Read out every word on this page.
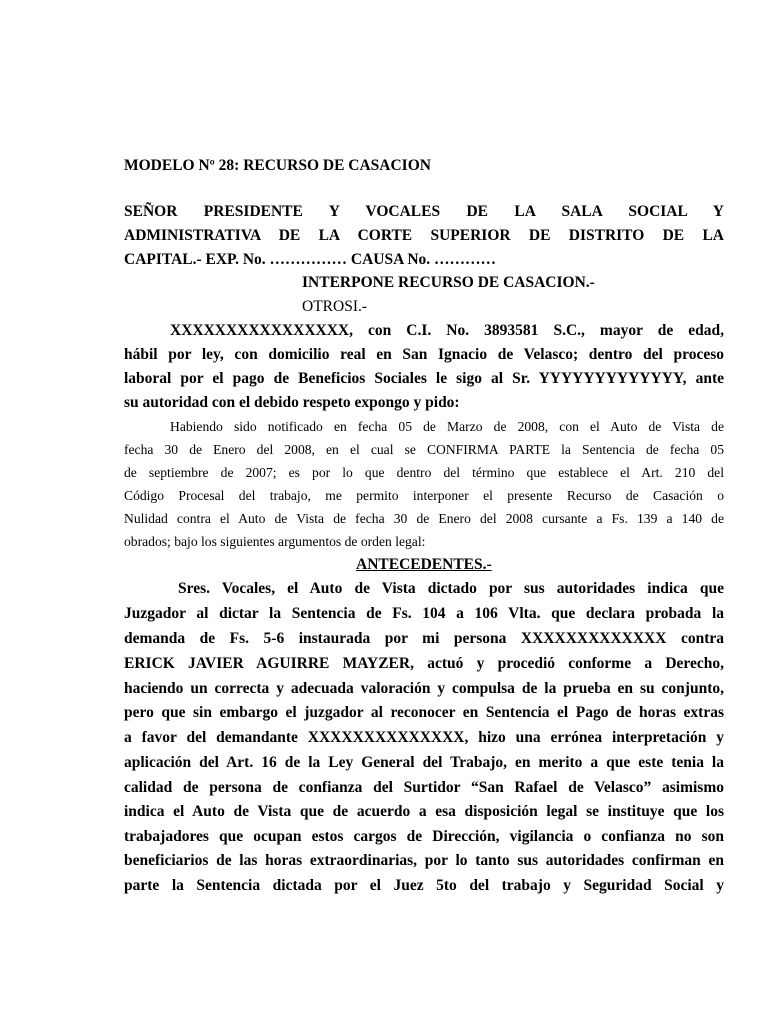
MODELO Nº 28: RECURSO DE CASACION
SEÑOR PRESIDENTE Y VOCALES DE LA SALA SOCIAL Y
ADMINISTRATIVA DE LA CORTE SUPERIOR DE DISTRITO DE LA
CAPITAL.- EXP. No. …………… CAUSA No. …………
INTERPONE RECURSO DE CASACION.-
OTROSI.-
XXXXXXXXXXXXXXXX, con C.I. No. 3893581 S.C., mayor de edad,
hábil por ley, con domicilio real en San Ignacio de Velasco; dentro del proceso
laboral por el pago de Beneficios Sociales le sigo al Sr. YYYYYYYYYYYYY, ante
su autoridad con el debido respeto expongo y pido:
Habiendo sido notificado en fecha 05 de Marzo de 2008, con el Auto de Vista de
fecha 30 de Enero del 2008, en el cual se CONFIRMA PARTE la Sentencia de fecha 05
de septiembre de 2007; es por lo que dentro del término que establece el Art. 210 del
Código Procesal del trabajo, me permito interponer el presente Recurso de Casación o
Nulidad contra el Auto de Vista de fecha 30 de Enero del 2008 cursante a Fs. 139 a 140 de
obrados; bajo los siguientes argumentos de orden legal:
ANTECEDENTES.-
Sres. Vocales, el Auto de Vista dictado por sus autoridades indica que
Juzgador al dictar la Sentencia de Fs. 104 a 106 Vlta. que declara probada la
demanda de Fs. 5-6 instaurada por mi persona XXXXXXXXXXXXX contra
ERICK JAVIER AGUIRRE MAYZER, actuó y procedió conforme a Derecho,
haciendo un correcta y adecuada valoración y compulsa de la prueba en su conjunto,
pero que sin embargo el juzgador al reconocer en Sentencia el Pago de horas extras
a favor del demandante XXXXXXXXXXXXXX, hizo una errónea interpretación y
aplicación del Art. 16 de la Ley General del Trabajo, en merito a que este tenia la
calidad de persona de confianza del Surtidor “San Rafael de Velasco” asimismo
indica el Auto de Vista que de acuerdo a esa disposición legal se instituye que los
trabajadores que ocupan estos cargos de Dirección, vigilancia o confianza no son
beneficiarios de las horas extraordinarias, por lo tanto sus autoridades confirman en
parte la Sentencia dictada por el Juez 5to del trabajo y Seguridad Social y
